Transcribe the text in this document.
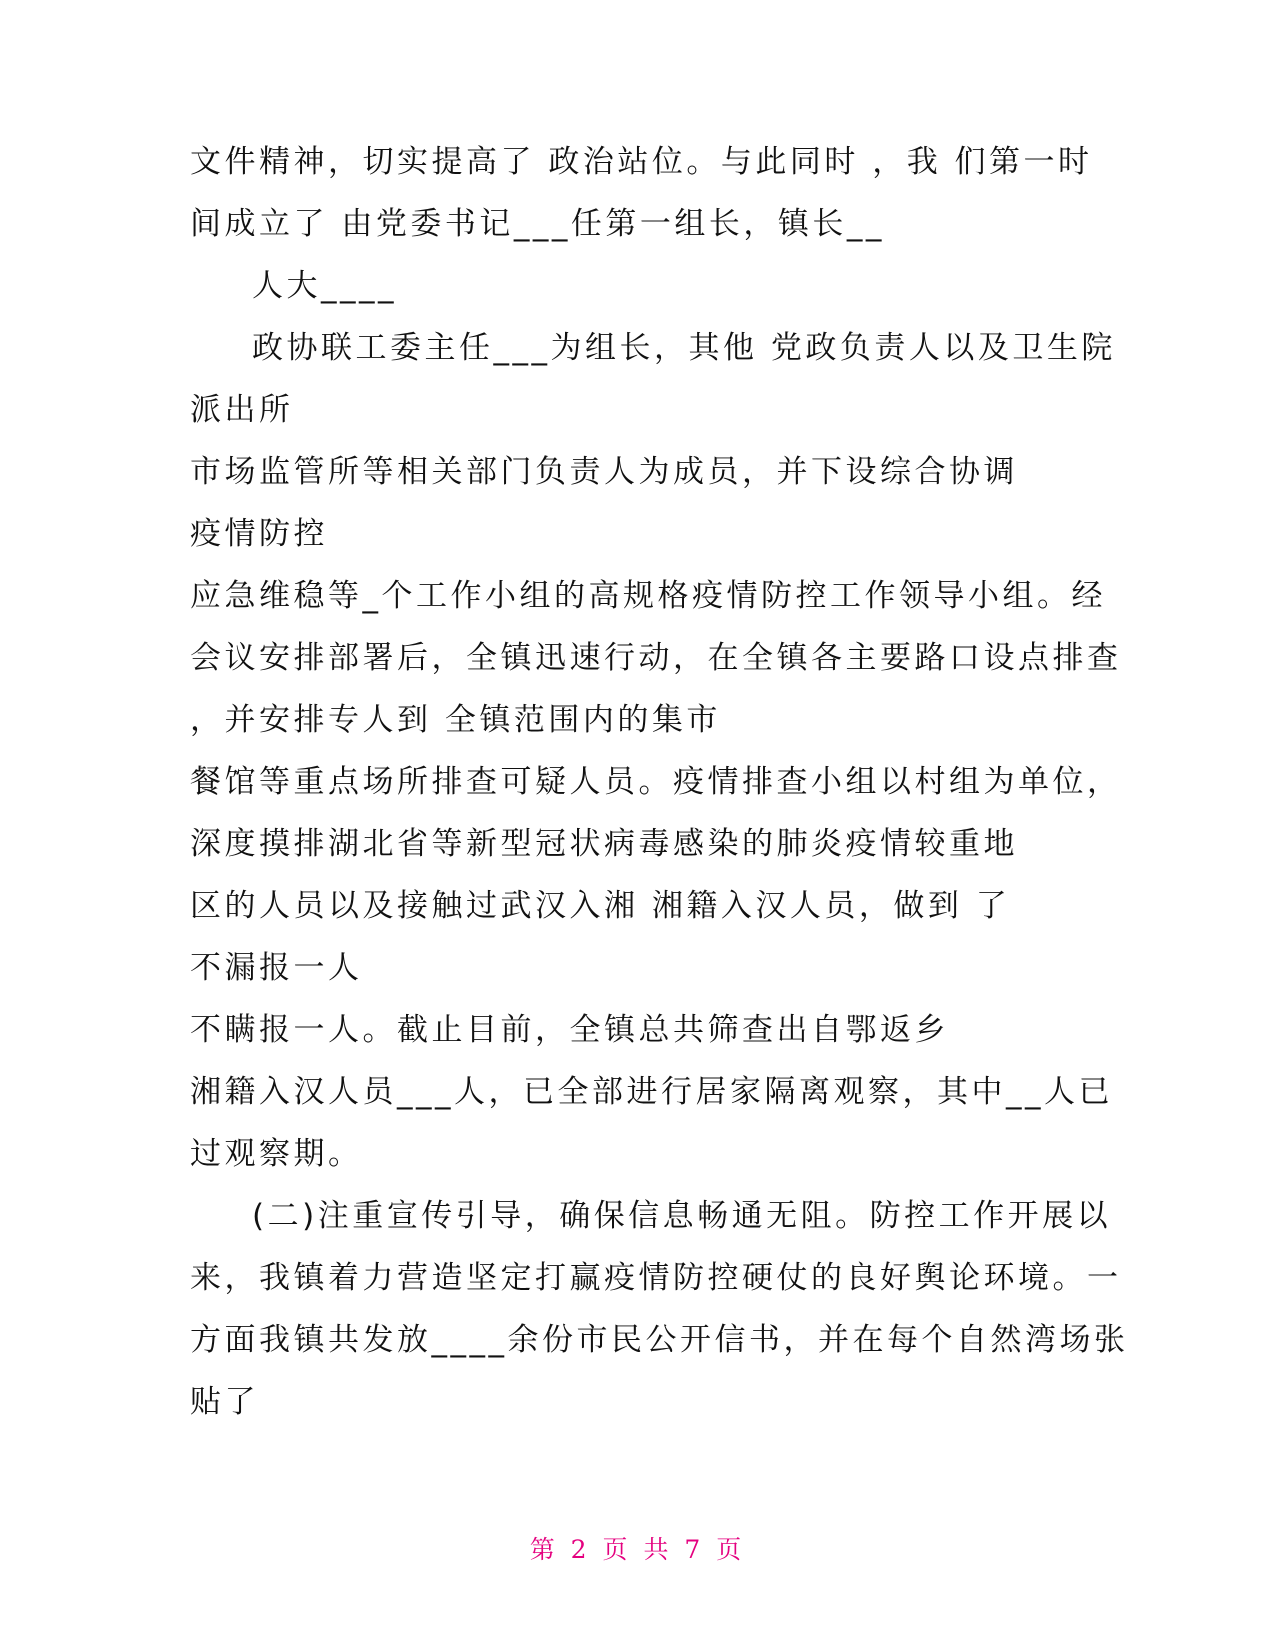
文件精神，切实提高了 政治站位。与此同时 ，我 们第一时
间成立了 由党委书记___任第一组长，镇长__
人大____
政协联工委主任___为组长，其他 党政负责人以及卫生院
派出所
市场监管所等相关部门负责人为成员，并下设综合协调
疫情防控
应急维稳等_个工作小组的高规格疫情防控工作领导小组。经
会议安排部署后，全镇迅速行动，在全镇各主要路口设点排查
，并安排专人到 全镇范围内的集市
餐馆等重点场所排查可疑人员。疫情排查小组以村组为单位，
深度摸排湖北省等新型冠状病毒感染的肺炎疫情较重地
区的人员以及接触过武汉入湘 湘籍入汉人员，做到 了
不漏报一人
不瞒报一人。截止目前，全镇总共筛查出自鄂返乡
湘籍入汉人员___人，已全部进行居家隔离观察，其中__人已
过观察期。
(二)注重宣传引导，确保信息畅通无阻。防控工作开展以
来，我镇着力营造坚定打赢疫情防控硬仗的良好舆论环境。一
方面我镇共发放____余份市民公开信书，并在每个自然湾场张
贴了
第 2 页 共 7 页
